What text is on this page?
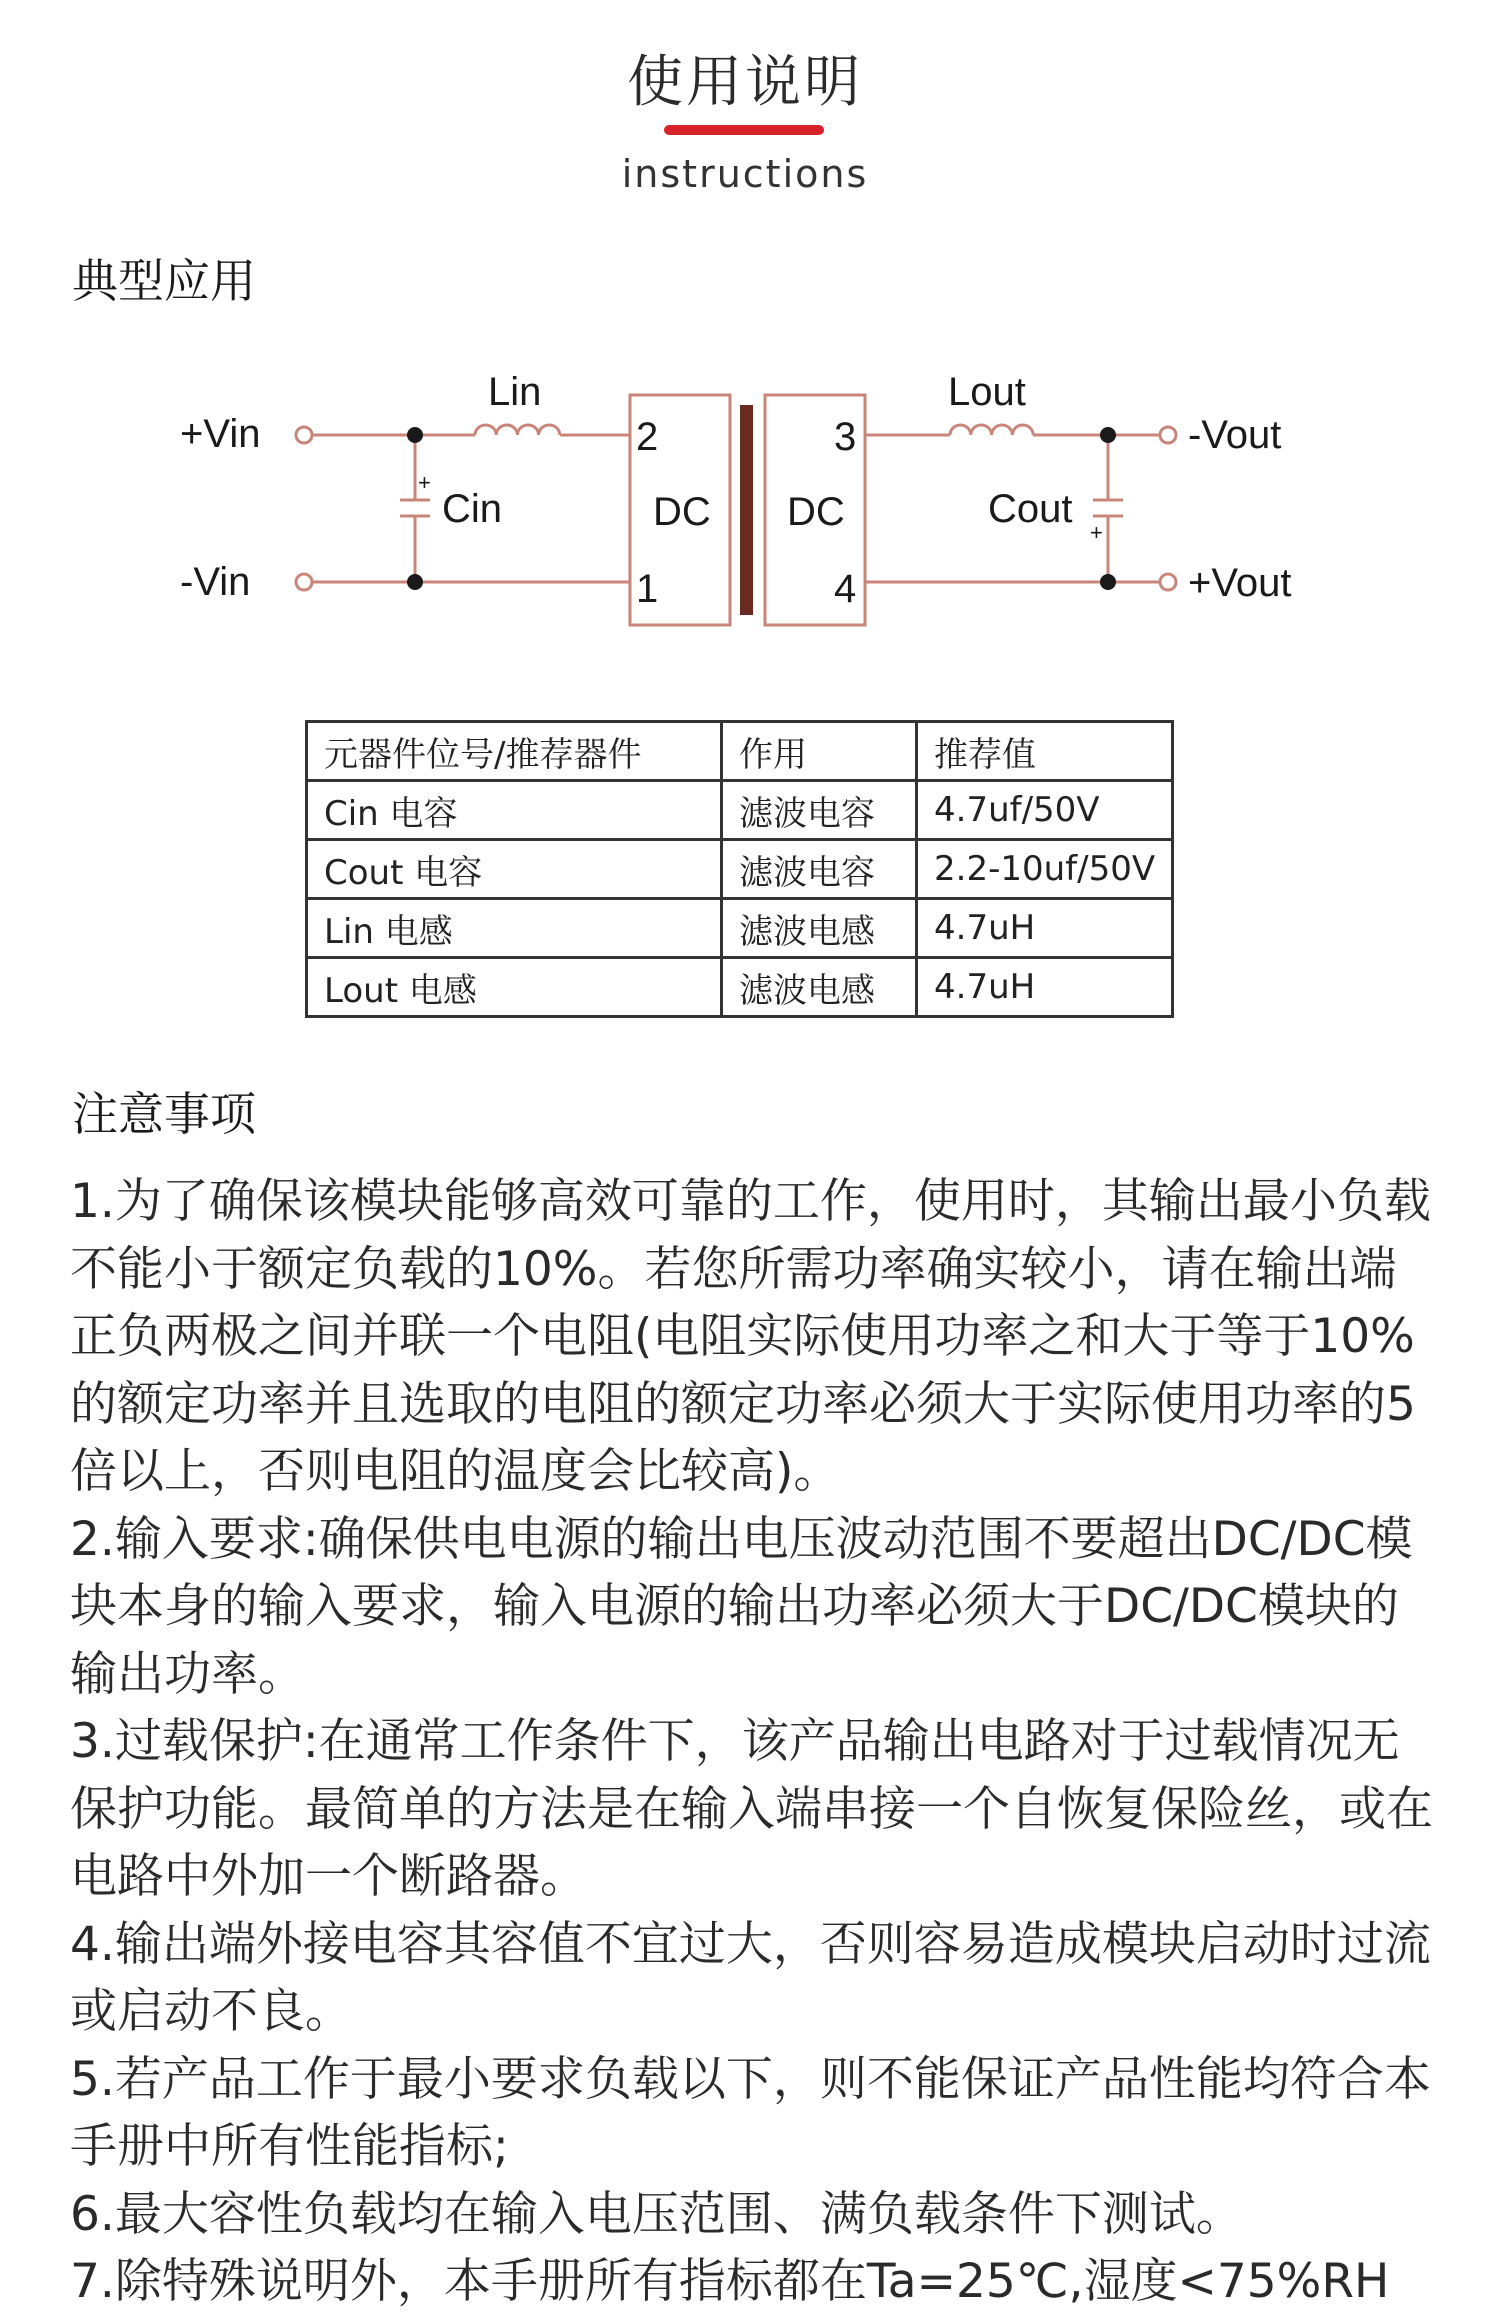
使用说明
instructions
典型应用
+Vin
-Vin
Lin
Cin
+
2
1
DC DC
3
4
Lout
Cout
+
-Vout
+Vout
元器件位号/推荐器件	作用	推荐值
Cin 电容	滤波电容	4.7uf/50V
Cout 电容	滤波电容	2.2-10uf/50V
Lin 电感	滤波电感	4.7uH
Lout 电感	滤波电感	4.7uH
注意事项

1.为了确保该模块能够高效可靠的工作，使用时，其输出最小负载不能小于额定负载的10%。若您所需功率确实较小，请在输出端正负两极之间并联一个电阻(电阻实际使用功率之和大于等于10%的额定功率并且选取的电阻的额定功率必须大于实际使用功率的5倍以上，否则电阻的温度会比较高)。

2.输入要求:确保供电电源的输出电压波动范围不要超出DC/DC模块本身的输入要求，输入电源的输出功率必须大于DC/DC模块的输出功率。

3.过载保护:在通常工作条件下，该产品输出电路对于过载情况无保护功能。最简单的方法是在输入端串接一个自恢复保险丝，或在电路中外加一个断路器。

4.输出端外接电容其容值不宜过大，否则容易造成模块启动时过流或启动不良。

5.若产品工作于最小要求负载以下，则不能保证产品性能均符合本手册中所有性能指标;

6.最大容性负载均在输入电压范围、满负载条件下测试。

7.除特殊说明外，本手册所有指标都在Ta=25℃,湿度<75%RH
